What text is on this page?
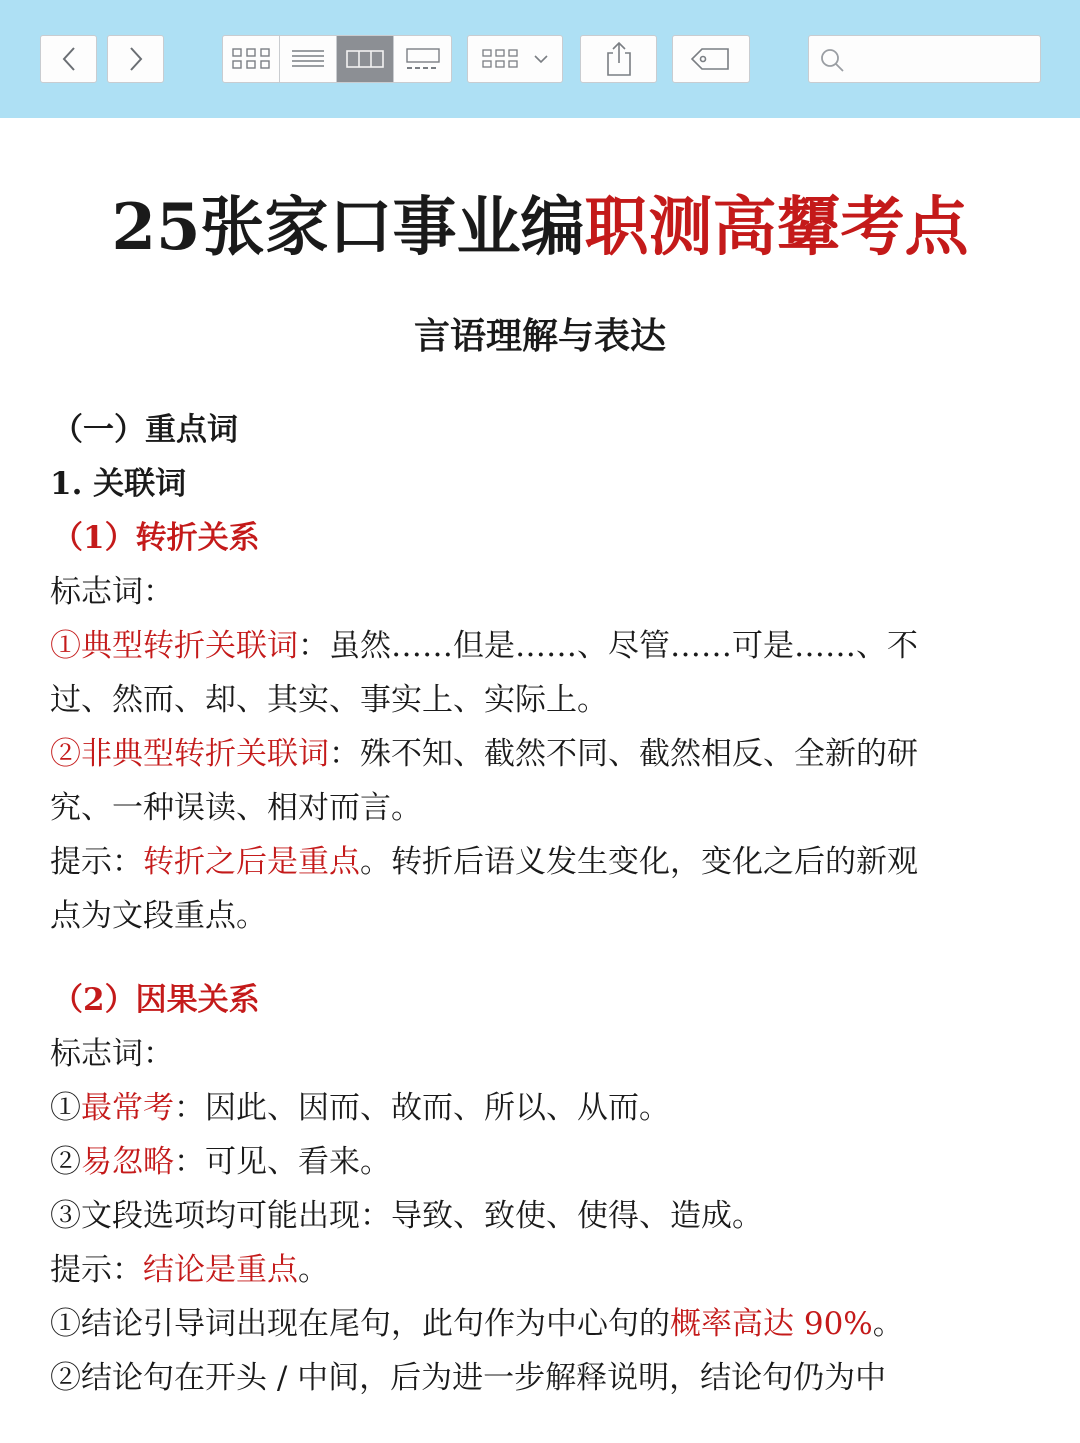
25张家口事业编职测高顰考点
言语理解与表达
（一）重点词
1. 关联词
（1）转折关系
标志词：
①典型转折关联词：虽然……但是……、尽管……可是……、不
过、然而、却、其实、事实上、实际上。
②非典型转折关联词：殊不知、截然不同、截然相反、全新的研
究、一种误读、相对而言。
提示：转折之后是重点。转折后语义发生变化，变化之后的新观
点为文段重点。
（2）因果关系
标志词：
①最常考：因此、因而、故而、所以、从而。
②易忽略：可见、看来。
③文段选项均可能出现：导致、致使、使得、造成。
提示：结论是重点。
①结论引导词出现在尾句，此句作为中心句的概率高达 90%。
②结论句在开头 / 中间，后为进一步解释说明，结论句仍为中
